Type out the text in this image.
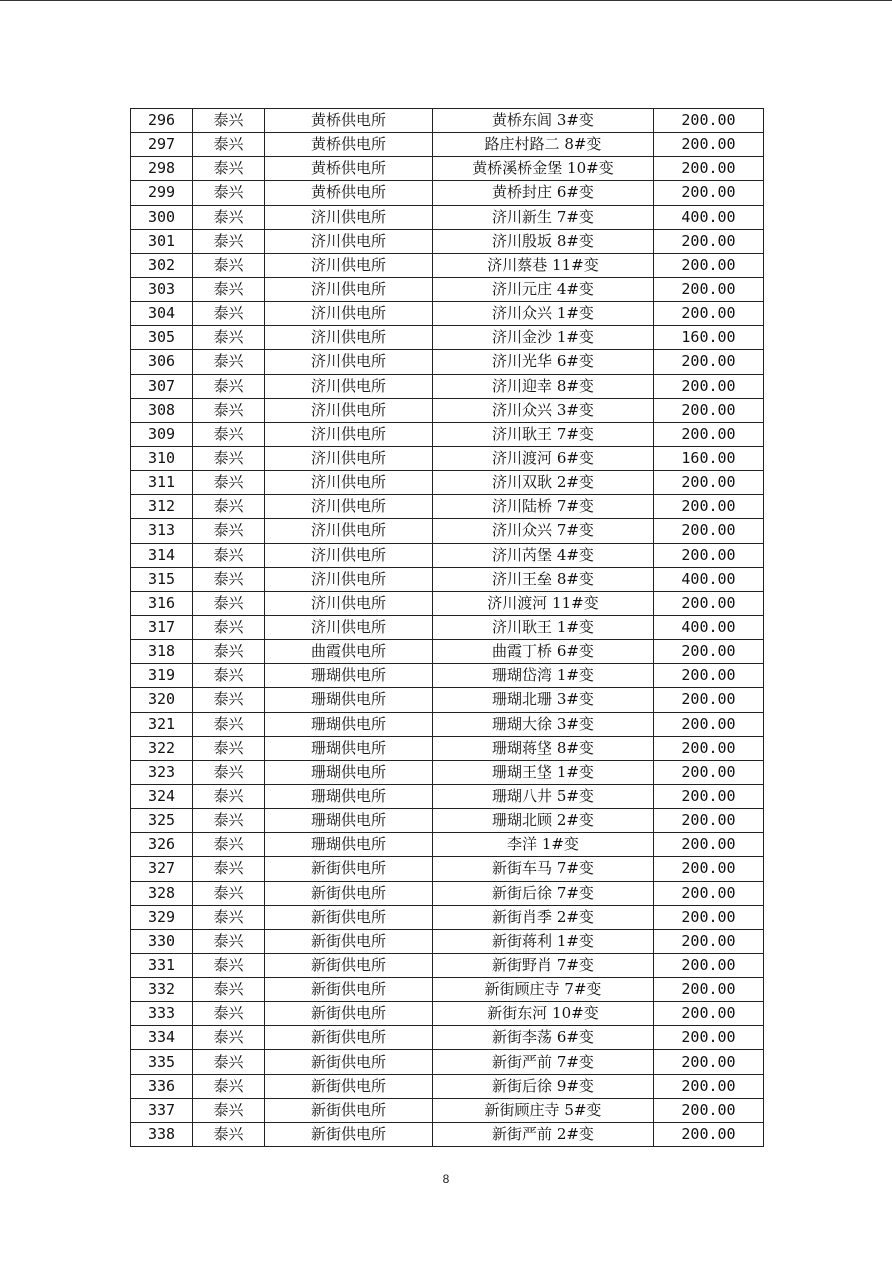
296	泰兴	黄桥供电所	黄桥东闾 3#变	200.00
297	泰兴	黄桥供电所	路庄村路二 8#变	200.00
298	泰兴	黄桥供电所	黄桥溪桥金堡 10#变	200.00
299	泰兴	黄桥供电所	黄桥封庄 6#变	200.00
300	泰兴	济川供电所	济川新生 7#变	400.00
301	泰兴	济川供电所	济川殷坂 8#变	200.00
302	泰兴	济川供电所	济川蔡巷 11#变	200.00
303	泰兴	济川供电所	济川元庄 4#变	200.00
304	泰兴	济川供电所	济川众兴 1#变	200.00
305	泰兴	济川供电所	济川金沙 1#变	160.00
306	泰兴	济川供电所	济川光华 6#变	200.00
307	泰兴	济川供电所	济川迎幸 8#变	200.00
308	泰兴	济川供电所	济川众兴 3#变	200.00
309	泰兴	济川供电所	济川耿王 7#变	200.00
310	泰兴	济川供电所	济川渡河 6#变	160.00
311	泰兴	济川供电所	济川双耿 2#变	200.00
312	泰兴	济川供电所	济川陆桥 7#变	200.00
313	泰兴	济川供电所	济川众兴 7#变	200.00
314	泰兴	济川供电所	济川芮堡 4#变	200.00
315	泰兴	济川供电所	济川王垒 8#变	400.00
316	泰兴	济川供电所	济川渡河 11#变	200.00
317	泰兴	济川供电所	济川耿王 1#变	400.00
318	泰兴	曲霞供电所	曲霞丁桥 6#变	200.00
319	泰兴	珊瑚供电所	珊瑚岱湾 1#变	200.00
320	泰兴	珊瑚供电所	珊瑚北珊 3#变	200.00
321	泰兴	珊瑚供电所	珊瑚大徐 3#变	200.00
322	泰兴	珊瑚供电所	珊瑚蒋垡 8#变	200.00
323	泰兴	珊瑚供电所	珊瑚王垡 1#变	200.00
324	泰兴	珊瑚供电所	珊瑚八井 5#变	200.00
325	泰兴	珊瑚供电所	珊瑚北顾 2#变	200.00
326	泰兴	珊瑚供电所	李洋 1#变	200.00
327	泰兴	新街供电所	新街车马 7#变	200.00
328	泰兴	新街供电所	新街后徐 7#变	200.00
329	泰兴	新街供电所	新街肖季 2#变	200.00
330	泰兴	新街供电所	新街蒋利 1#变	200.00
331	泰兴	新街供电所	新街野肖 7#变	200.00
332	泰兴	新街供电所	新街顾庄寺 7#变	200.00
333	泰兴	新街供电所	新街东河 10#变	200.00
334	泰兴	新街供电所	新街李荡 6#变	200.00
335	泰兴	新街供电所	新街严前 7#变	200.00
336	泰兴	新街供电所	新街后徐 9#变	200.00
337	泰兴	新街供电所	新街顾庄寺 5#变	200.00
338	泰兴	新街供电所	新街严前 2#变	200.00
8
